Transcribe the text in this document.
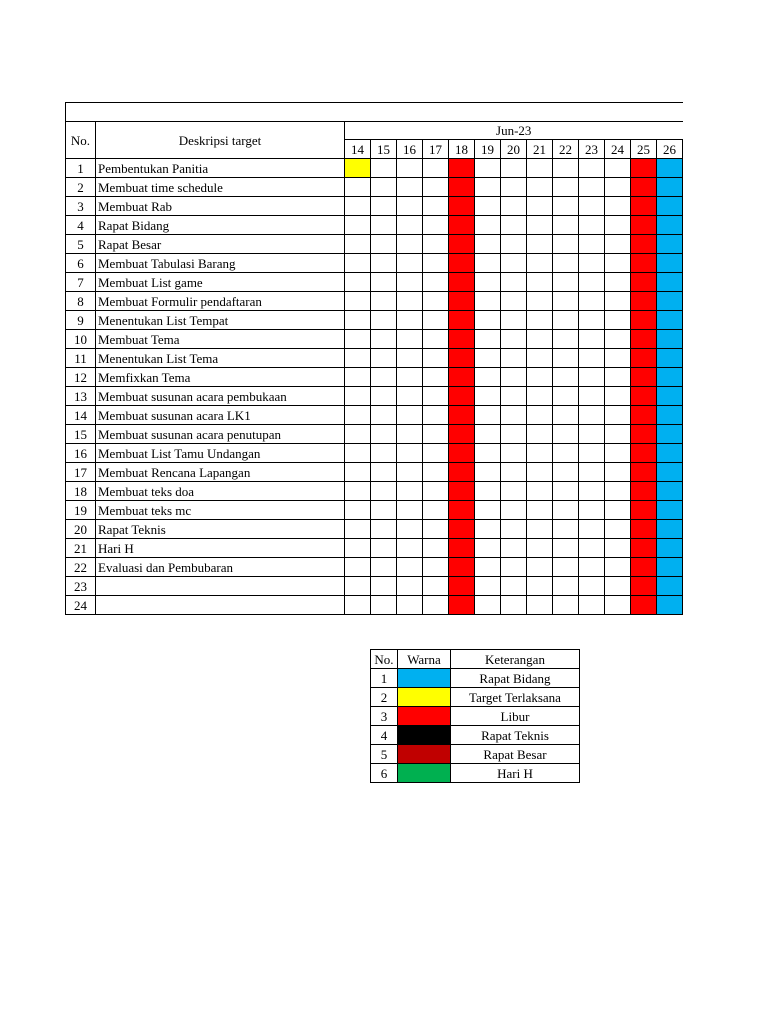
No.	Deskripsi target	Jun-23												
		14	15	16	17	18	19	20	21	22	23	24	25	26
1	Pembentukan Panitia													
2	Membuat time schedule													
3	Membuat Rab													
4	Rapat Bidang													
5	Rapat Besar													
6	Membuat Tabulasi Barang													
7	Membuat List game													
8	Membuat Formulir pendaftaran													
9	Menentukan List Tempat													
10	Membuat Tema													
11	Menentukan List Tema													
12	Memfixkan Tema													
13	Membuat susunan acara pembukaan													
14	Membuat susunan acara LK1													
15	Membuat susunan acara penutupan													
16	Membuat List Tamu Undangan													
17	Membuat Rencana Lapangan													
18	Membuat teks doa													
19	Membuat teks mc													
20	Rapat Teknis													
21	Hari H													
22	Evaluasi dan Pembubaran													
23														
24														
No.	Warna	Keterangan
1		Rapat Bidang
2		Target Terlaksana
3		Libur
4		Rapat Teknis
5		Rapat Besar
6		Hari H
